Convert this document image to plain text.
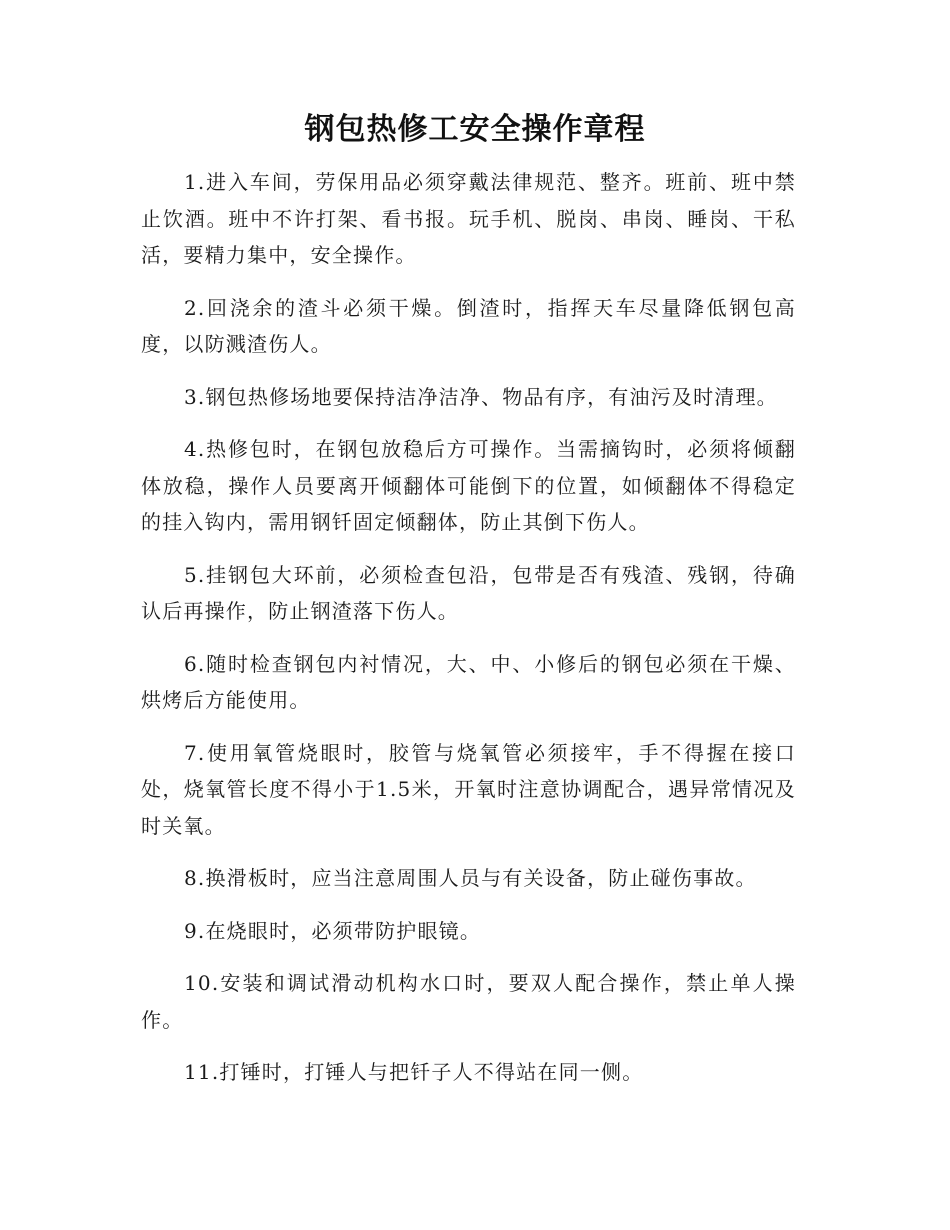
钢包热修工安全操作章程

1.进入车间，劳保用品必须穿戴法律规范、整齐。班前、班中禁止饮酒。班中不许打架、看书报。玩手机、脱岗、串岗、睡岗、干私活，要精力集中，安全操作。

2.回浇余的渣斗必须干燥。倒渣时，指挥天车尽量降低钢包高度，以防溅渣伤人。

3.钢包热修场地要保持洁净洁净、物品有序，有油污及时清理。

4.热修包时，在钢包放稳后方可操作。当需摘钩时，必须将倾翻体放稳，操作人员要离开倾翻体可能倒下的位置，如倾翻体不得稳定的挂入钩内，需用钢钎固定倾翻体，防止其倒下伤人。

5.挂钢包大环前，必须检查包沿，包带是否有残渣、残钢，待确认后再操作，防止钢渣落下伤人。

6.随时检查钢包内衬情况，大、中、小修后的钢包必须在干燥、烘烤后方能使用。

7.使用氧管烧眼时，胶管与烧氧管必须接牢，手不得握在接口处，烧氧管长度不得小于1.5米，开氧时注意协调配合，遇异常情况及时关氧。

8.换滑板时，应当注意周围人员与有关设备，防止碰伤事故。

9.在烧眼时，必须带防护眼镜。

10.安装和调试滑动机构水口时，要双人配合操作，禁止单人操作。

11.打锤时，打锤人与把钎子人不得站在同一侧。
